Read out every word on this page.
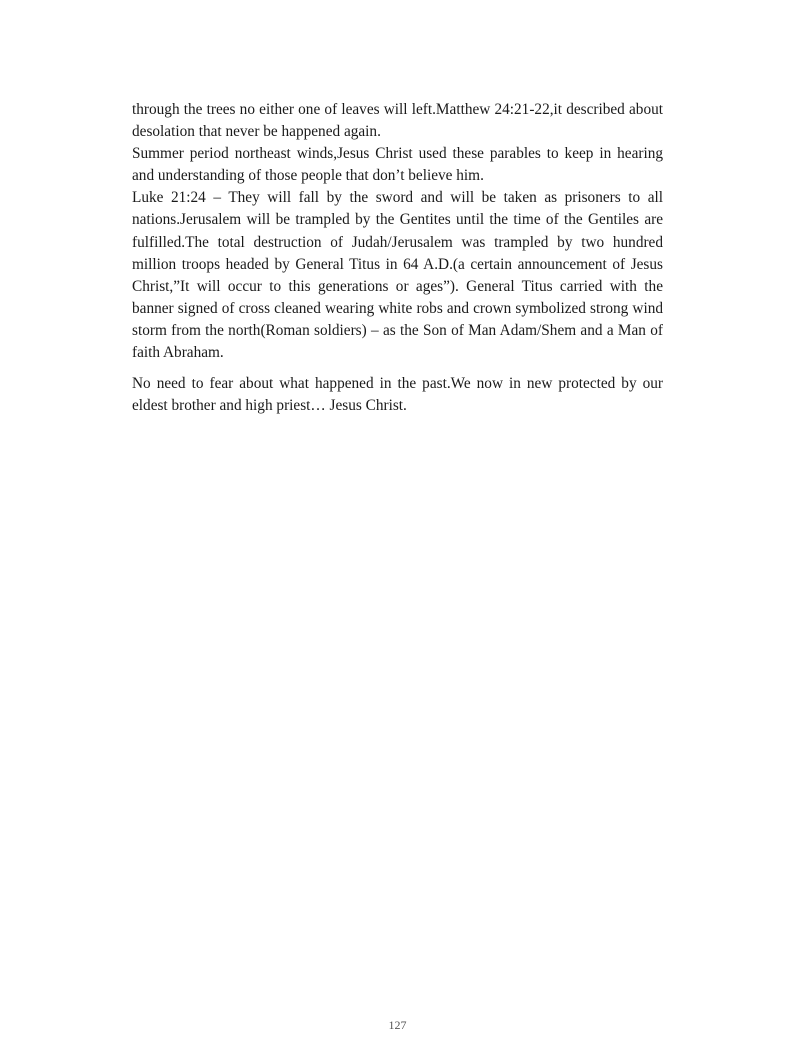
through the trees no either one of leaves will left.Matthew 24:21-22,it described about desolation that never be happened again.

Summer period northeast winds,Jesus Christ used these parables to keep in hearing and understanding of those people that don’t believe him.

Luke 21:24 – They will fall by the sword and will be taken as prisoners to all nations.Jerusalem will be trampled by the Gentites until the time of the Gentiles are fulfilled.The total destruction of Judah/Jerusalem was trampled by two hundred million troops headed by General Titus in 64 A.D.(a certain announcement of Jesus Christ,”It will occur to this generations or ages”). General Titus carried with the banner signed of cross cleaned wearing white robs and crown symbolized strong wind storm from the north(Roman soldiers) – as the Son of Man Adam/Shem and a Man of faith Abraham.

No need to fear about what happened in the past.We now in new protected by our eldest brother and high priest… Jesus Christ.

127
